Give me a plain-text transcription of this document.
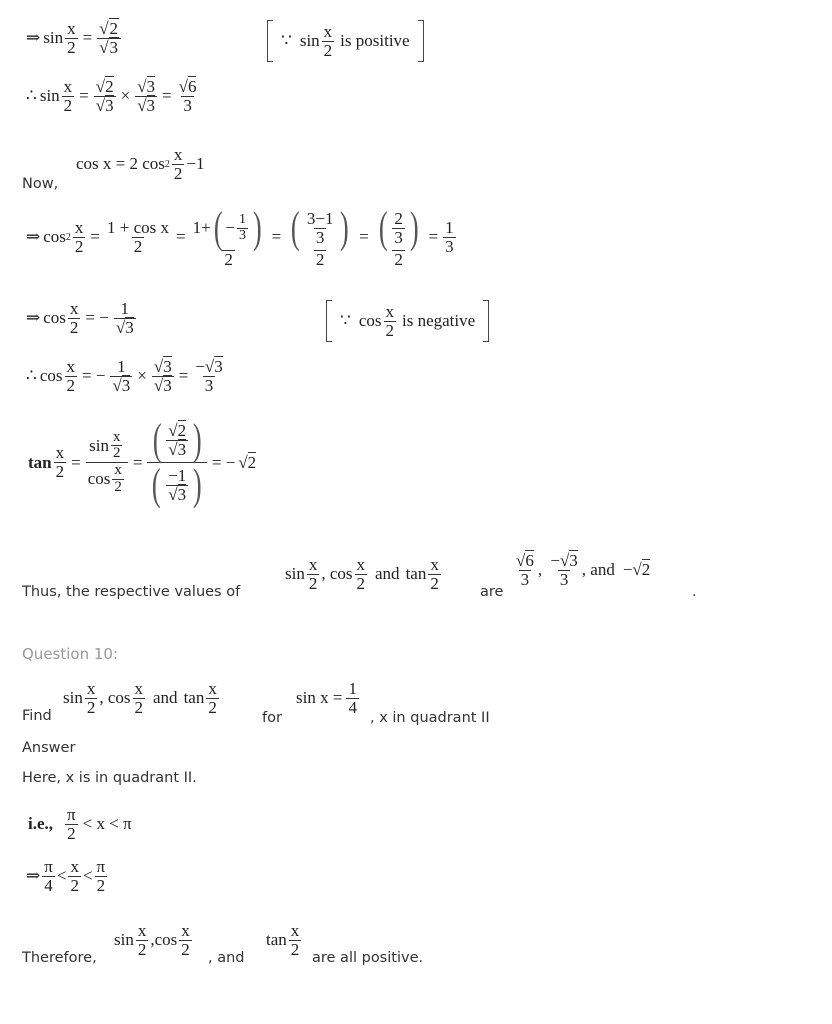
⇒ $\sin \frac{x}{2} = \frac{√2}{√3}$	∵ $\sin \frac{x}{2}$ is positive
∴ $\sin \frac{x}{2} = \frac{√2}{√3} \times \frac{√3}{√3} = \frac{√6}{3}$
Now,
cos x = 2 $\cos 2 \frac{x}{2} -1$
⇒ $\cos 2 \frac{x}{2} = \frac{\text{1 + cos x}}{2} = \frac{1+ ( - \frac{1}{3} )}{2} = \frac{( \frac{3-1}{3} )}{2} = \frac{( \frac{2}{3} )}{2} = \frac{1}{3}$
⇒ $\cos \frac{x}{2}$ = − $\frac{1}{√3}$	∵ $\cos \frac{x}{2}$ is negative
∴ $\cos \frac{x}{2}$ = − $\frac{1}{√3} \times \frac{√3}{√3} = \frac{-√3}{3}$
$\tan \frac{x}{2} = \frac{\sin \frac{x}{2}}{\cos \frac{x}{2}} = \frac{( \frac{√2}{√3} )}{( \frac{-1}{√3} )}$ = − √2
Thus, the respective values of
$\sin \frac{x}{2}$ , $\cos \frac{x}{2}$ and $\tan \frac{x}{2}$	are
$\frac{√6}{3}$ , $\frac{-√3}{3}$ , and −√2
.
Question 10:
Find
$\sin \frac{x}{2}$ , $\cos \frac{x}{2}$ and $\tan \frac{x}{2}$
for
$\sin x = \frac{1}{4}$
, x in quadrant II
Answer
Here, x is in quadrant II.
i.e., $\frac{\pi}{2} < x < \pi$
⇒ $\frac{\pi}{4} < \frac{x}{2} < \frac{\pi}{2}$
Therefore,
$\sin \frac{x}{2} ,\cos \frac{x}{2}$ , and
$\tan \frac{x}{2}$ are all positive.
